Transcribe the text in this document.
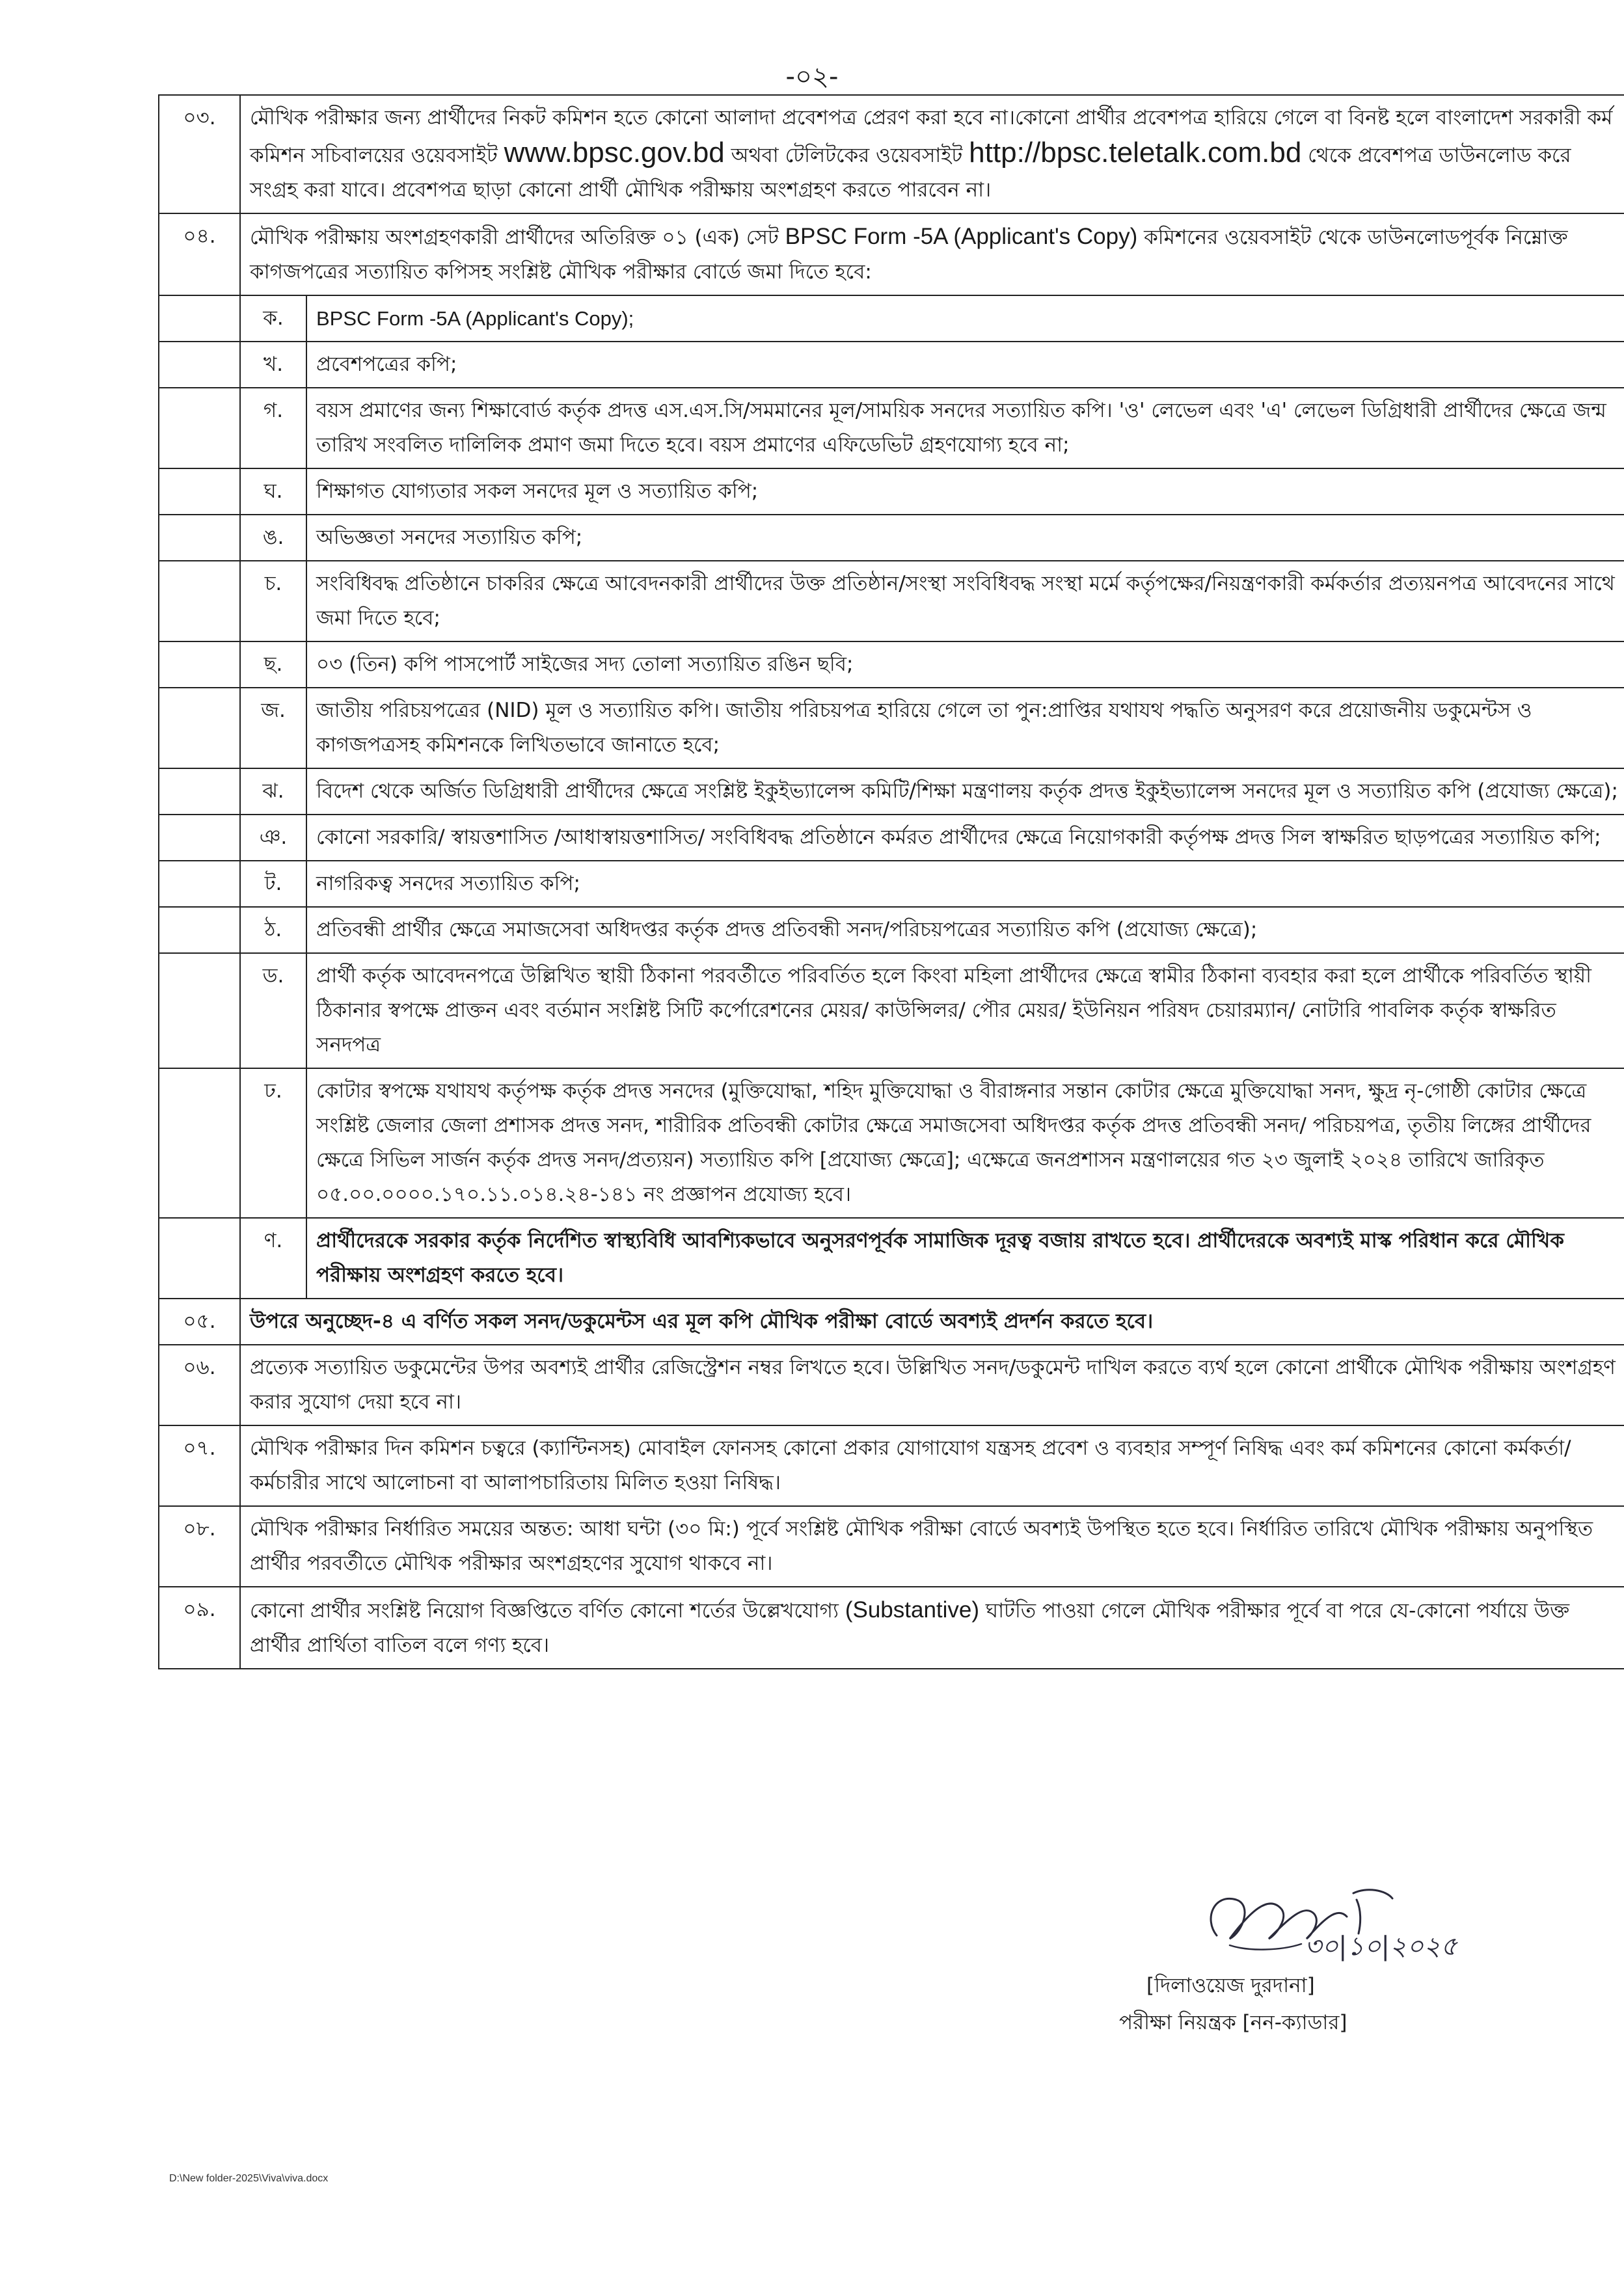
-০২-
০৩.	মৌখিক পরীক্ষার জন্য প্রার্থীদের নিকট কমিশন হতে কোনো আলাদা প্রবেশপত্র প্রেরণ করা হবে না।কোনো প্রার্থীর প্রবেশপত্র হারিয়ে গেলে বা বিনষ্ট হলে বাংলাদেশ সরকারী কর্ম কমিশন সচিবালয়ের ওয়েবসাইট www.bpsc.gov.bd অথবা টেলিটকের ওয়েবসাইট http://bpsc.teletalk.com.bd থেকে প্রবেশপত্র ডাউনলোড করে সংগ্রহ করা যাবে। প্রবেশপত্র ছাড়া কোনো প্রার্থী মৌখিক পরীক্ষায় অংশগ্রহণ করতে পারবেন না।	
০৪.	মৌখিক পরীক্ষায় অংশগ্রহণকারী প্রার্থীদের অতিরিক্ত ০১ (এক) সেট BPSC Form -5A (Applicant's Copy) কমিশনের ওয়েবসাইট থেকে ডাউনলোডপূর্বক নিম্নোক্ত কাগজপত্রের সত্যায়িত কপিসহ সংশ্লিষ্ট মৌখিক পরীক্ষার বোর্ডে জমা দিতে হবে:	
	ক.	BPSC Form -5A (Applicant's Copy);
	খ.	প্রবেশপত্রের কপি;
	গ.	বয়স প্রমাণের জন্য শিক্ষাবোর্ড কর্তৃক প্রদত্ত এস.এস.সি/সমমানের মূল/সাময়িক সনদের সত্যায়িত কপি। 'ও' লেভেল এবং 'এ' লেভেল ডিগ্রিধারী প্রার্থীদের ক্ষেত্রে জন্ম তারিখ সংবলিত দালিলিক প্রমাণ জমা দিতে হবে। বয়স প্রমাণের এফিডেভিট গ্রহণযোগ্য হবে না;
	ঘ.	শিক্ষাগত যোগ্যতার সকল সনদের মূল ও সত্যায়িত কপি;
	ঙ.	অভিজ্ঞতা সনদের সত্যায়িত কপি;
	চ.	সংবিধিবদ্ধ প্রতিষ্ঠানে চাকরির ক্ষেত্রে আবেদনকারী প্রার্থীদের উক্ত প্রতিষ্ঠান/সংস্থা সংবিধিবদ্ধ সংস্থা মর্মে কর্তৃপক্ষের/নিয়ন্ত্রণকারী কর্মকর্তার প্রত্যয়নপত্র আবেদনের সাথে জমা দিতে হবে;
	ছ.	০৩ (তিন) কপি পাসপোর্ট সাইজের সদ্য তোলা সত্যায়িত রঙিন ছবি;
	জ.	জাতীয় পরিচয়পত্রের (NID) মূল ও সত্যায়িত কপি। জাতীয় পরিচয়পত্র হারিয়ে গেলে তা পুন:প্রাপ্তির যথাযথ পদ্ধতি অনুসরণ করে প্রয়োজনীয় ডকুমেন্টস ও কাগজপত্রসহ কমিশনকে লিখিতভাবে জানাতে হবে;
	ঝ.	বিদেশ থেকে অর্জিত ডিগ্রিধারী প্রার্থীদের ক্ষেত্রে সংশ্লিষ্ট ইকুইভ্যালেন্স কমিটি/শিক্ষা মন্ত্রণালয় কর্তৃক প্রদত্ত ইকুইভ্যালেন্স সনদের মূল ও সত্যায়িত কপি (প্রযোজ্য ক্ষেত্রে);
	ঞ.	কোনো সরকারি/ স্বায়ত্তশাসিত /আধাস্বায়ত্তশাসিত/ সংবিধিবদ্ধ প্রতিষ্ঠানে কর্মরত প্রার্থীদের ক্ষেত্রে নিয়োগকারী কর্তৃপক্ষ প্রদত্ত সিল স্বাক্ষরিত ছাড়পত্রের সত্যায়িত কপি;
	ট.	নাগরিকত্ব সনদের সত্যায়িত কপি;
	ঠ.	প্রতিবন্ধী প্রার্থীর ক্ষেত্রে সমাজসেবা অধিদপ্তর কর্তৃক প্রদত্ত প্রতিবন্ধী সনদ/পরিচয়পত্রের সত্যায়িত কপি (প্রযোজ্য ক্ষেত্রে);
	ড.	প্রার্থী কর্তৃক আবেদনপত্রে উল্লিখিত স্থায়ী ঠিকানা পরবর্তীতে পরিবর্তিত হলে কিংবা মহিলা প্রার্থীদের ক্ষেত্রে স্বামীর ঠিকানা ব্যবহার করা হলে প্রার্থীকে পরিবর্তিত স্থায়ী ঠিকানার স্বপক্ষে প্রাক্তন এবং বর্তমান সংশ্লিষ্ট সিটি কর্পোরেশনের মেয়র/ কাউন্সিলর/ পৌর মেয়র/ ইউনিয়ন পরিষদ চেয়ারম্যান/ নোটারি পাবলিক কর্তৃক স্বাক্ষরিত সনদপত্র
	ঢ.	কোটার স্বপক্ষে যথাযথ কর্তৃপক্ষ কর্তৃক প্রদত্ত সনদের (মুক্তিযোদ্ধা, শহিদ মুক্তিযোদ্ধা ও বীরাঙ্গনার সন্তান কোটার ক্ষেত্রে মুক্তিযোদ্ধা সনদ, ক্ষুদ্র নৃ-গোষ্ঠী কোটার ক্ষেত্রে সংশ্লিষ্ট জেলার জেলা প্রশাসক প্রদত্ত সনদ, শারীরিক প্রতিবন্ধী কোটার ক্ষেত্রে সমাজসেবা অধিদপ্তর কর্তৃক প্রদত্ত প্রতিবন্ধী সনদ/ পরিচয়পত্র, তৃতীয় লিঙ্গের প্রার্থীদের ক্ষেত্রে সিভিল সার্জন কর্তৃক প্রদত্ত সনদ/প্রত্যয়ন) সত্যায়িত কপি [প্রযোজ্য ক্ষেত্রে]; এক্ষেত্রে জনপ্রশাসন মন্ত্রণালয়ের গত ২৩ জুলাই ২০২৪ তারিখে জারিকৃত ০৫.০০.০০০০.১৭০.১১.০১৪.২৪-১৪১ নং প্রজ্ঞাপন প্রযোজ্য হবে।
	ণ.	প্রার্থীদেরকে সরকার কর্তৃক নির্দেশিত স্বাস্থ্যবিধি আবশ্যিকভাবে অনুসরণপূর্বক সামাজিক দূরত্ব বজায় রাখতে হবে। প্রার্থীদেরকে অবশ্যই মাস্ক পরিধান করে মৌখিক পরীক্ষায় অংশগ্রহণ করতে হবে।
০৫.	উপরে অনুচ্ছেদ-৪ এ বর্ণিত সকল সনদ/ডকুমেন্টস এর মূল কপি মৌখিক পরীক্ষা বোর্ডে অবশ্যই প্রদর্শন করতে হবে।	
০৬.	প্রত্যেক সত্যায়িত ডকুমেন্টের উপর অবশ্যই প্রার্থীর রেজিস্ট্রেশন নম্বর লিখতে হবে। উল্লিখিত সনদ/ডকুমেন্ট দাখিল করতে ব্যর্থ হলে কোনো প্রার্থীকে মৌখিক পরীক্ষায় অংশগ্রহণ করার সুযোগ দেয়া হবে না।	
০৭.	মৌখিক পরীক্ষার দিন কমিশন চত্বরে (ক্যান্টিনসহ) মোবাইল ফোনসহ কোনো প্রকার যোগাযোগ যন্ত্রসহ প্রবেশ ও ব্যবহার সম্পূর্ণ নিষিদ্ধ এবং কর্ম কমিশনের কোনো কর্মকর্তা/কর্মচারীর সাথে আলোচনা বা আলাপচারিতায় মিলিত হওয়া নিষিদ্ধ।	
০৮.	মৌখিক পরীক্ষার নির্ধারিত সময়ের অন্তত: আধা ঘন্টা (৩০ মি:) পূর্বে সংশ্লিষ্ট মৌখিক পরীক্ষা বোর্ডে অবশ্যই উপস্থিত হতে হবে। নির্ধারিত তারিখে মৌখিক পরীক্ষায় অনুপস্থিত প্রার্থীর পরবর্তীতে মৌখিক পরীক্ষার অংশগ্রহণের সুযোগ থাকবে না।	
০৯.	কোনো প্রার্থীর সংশ্লিষ্ট নিয়োগ বিজ্ঞপ্তিতে বর্ণিত কোনো শর্তের উল্লেখযোগ্য (Substantive) ঘাটতি পাওয়া গেলে মৌখিক পরীক্ষার পূর্বে বা পরে যে-কোনো পর্যায়ে উক্ত প্রার্থীর প্রার্থিতা বাতিল বলে গণ্য হবে।	
৩০|১০|২০২৫
[দিলাওয়েজ দুরদানা]
পরীক্ষা নিয়ন্ত্রক [নন-ক্যাডার]
D:\New folder-2025\Viva\viva.docx
